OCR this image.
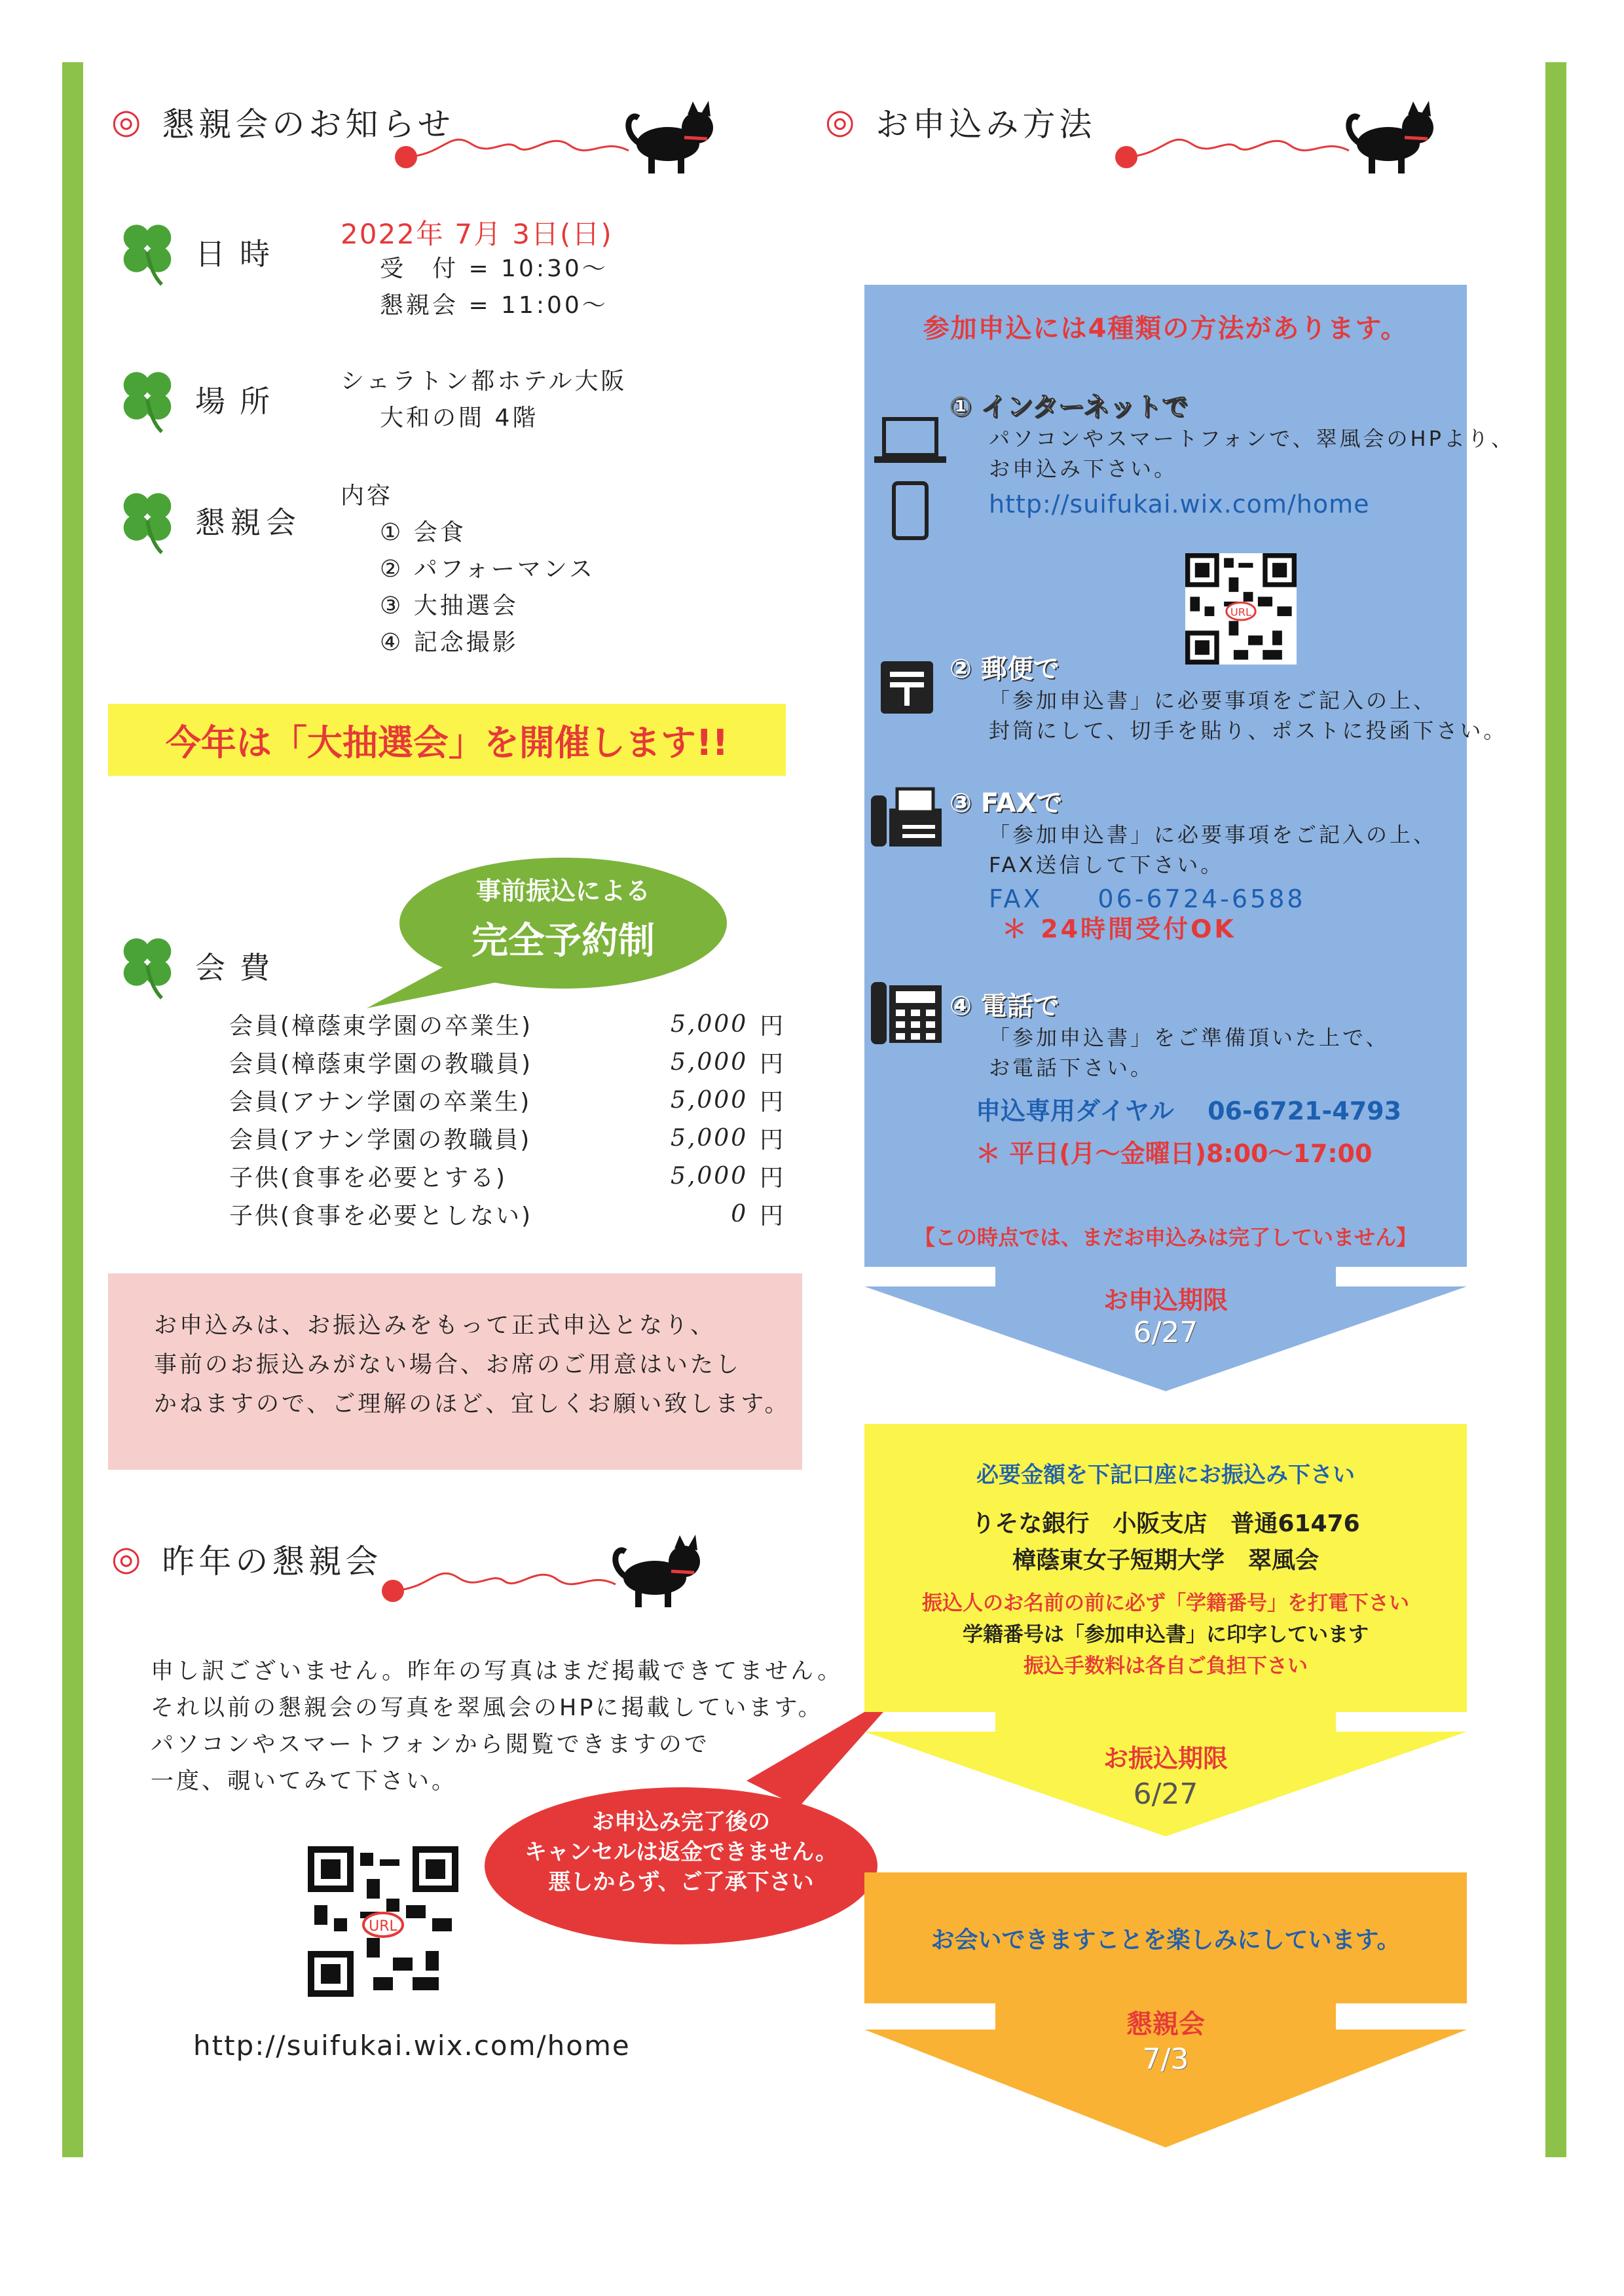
◎ 懇親会のお知らせ
日時
2022年 7月 3日(日)
受　付 = 10:30〜
懇親会 = 11:00〜
場所
シェラトン都ホテル大阪
大和の間 4階
懇親会
内容
① 会食
② パフォーマンス
③ 大抽選会
④ 記念撮影
今年は「大抽選会」を開催します!!
事前振込による
完全予約制
会費
会員(樟蔭東学園の卒業生)	5,000	円
会員(樟蔭東学園の教職員)	5,000	円
会員(アナン学園の卒業生)	5,000	円
会員(アナン学園の教職員)	5,000	円
子供(食事を必要とする)	5,000	円
子供(食事を必要としない)	0	円
お申込みは、お振込みをもって正式申込となり、
事前のお振込みがない場合、お席のご用意はいたし
かねますので、ご理解のほど、宜しくお願い致します。
◎ 昨年の懇親会
申し訳ございません。昨年の写真はまだ掲載できてません。
それ以前の懇親会の写真を翠風会のHPに掲載しています。
パソコンやスマートフォンから閲覧できますので
一度、覗いてみて下さい。
URL
http://suifukai.wix.com/home
お申込み完了後の
キャンセルは返金できません。
悪しからず、ご了承下さい
◎ お申込み方法
参加申込には4種類の方法があります。
① インターネットで
パソコンやスマートフォンで、翠風会のHPより、
お申込み下さい。
http://suifukai.wix.com/home
URL
② 郵便で
「参加申込書」に必要事項をご記入の上、
封筒にして、切手を貼り、ポストに投函下さい。
③ FAXで
「参加申込書」に必要事項をご記入の上、
FAX送信して下さい。
FAX　　06-6724-6588
＊ 24時間受付OK
④ 電話で
「参加申込書」をご準備頂いた上で、
お電話下さい。
申込専用ダイヤル　 06-6721-4793
＊ 平日(月～金曜日)8:00～17:00
【この時点では、まだお申込みは完了していません】
お申込期限
6/27
必要金額を下記口座にお振込み下さい
りそな銀行　小阪支店　普通61476
樟蔭東女子短期大学　翠風会
振込人のお名前の前に必ず「学籍番号」を打電下さい
学籍番号は「参加申込書」に印字しています
振込手数料は各自ご負担下さい
お振込期限
6/27
お会いできますことを楽しみにしています。
懇親会
7/3
